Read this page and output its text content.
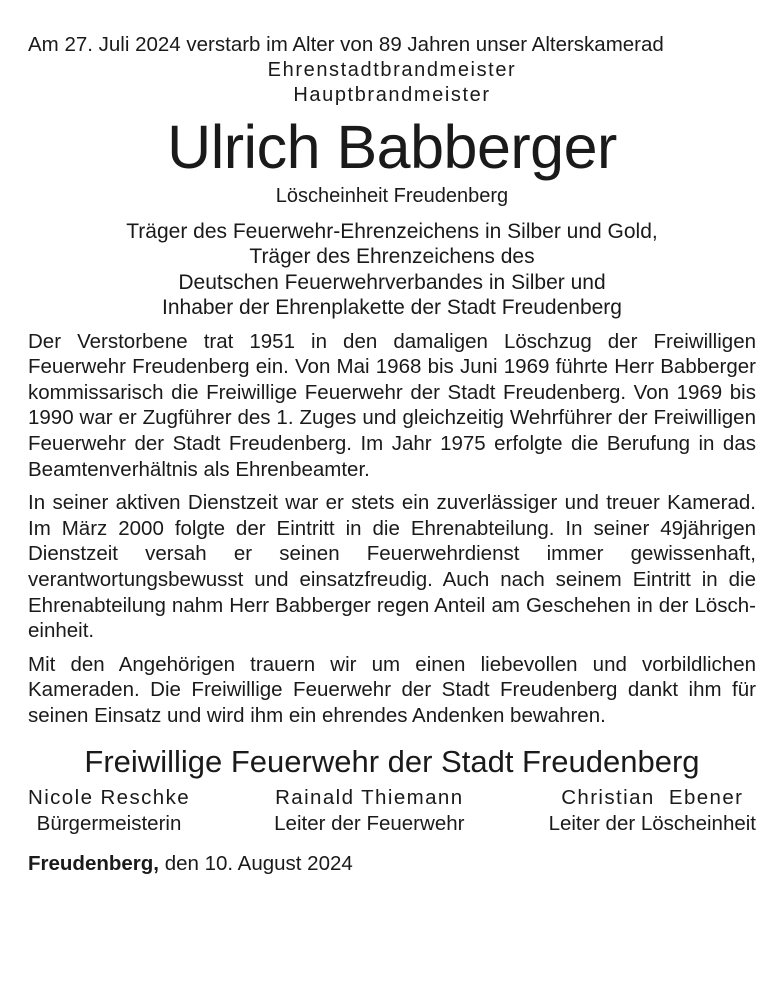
Am 27. Juli 2024 verstarb im Alter von 89 Jahren unser Alterskamerad

Ehrenstadtbrandmeister
Hauptbrandmeister
Ulrich Babberger
Löscheinheit Freudenberg
Träger des Feuerwehr-Ehrenzeichens in Silber und Gold,
Träger des Ehrenzeichens des
Deutschen Feuerwehrverbandes in Silber und
Inhaber der Ehrenplakette der Stadt Freudenberg

Der Verstorbene trat 1951 in den damaligen Löschzug der Freiwilligen Feuerwehr Freudenberg ein. Von Mai 1968 bis Juni 1969 führte Herr Babberger kommissarisch die Freiwillige Feuerwehr der Stadt Freudenberg. Von 1969 bis 1990 war er Zugführer des 1. Zuges und gleichzeitig Wehrführer der Freiwilligen Feuerwehr der Stadt Freudenberg. Im Jahr 1975 erfolgte die Berufung in das Beamtenverhältnis als Ehrenbeamter.

In seiner aktiven Dienstzeit war er stets ein zuverlässiger und treuer Kamerad. Im März 2000 folgte der Eintritt in die Ehrenabteilung. In seiner 49jährigen Dienstzeit versah er seinen Feuerwehrdienst immer gewissenhaft, verantwortungsbewusst und einsatzfreudig. Auch nach seinem Eintritt in die Ehrenabteilung nahm Herr Babberger regen Anteil am Geschehen in der Löscheinheit.

Mit den Angehörigen trauern wir um einen liebevollen und vorbildlichen Kameraden. Die Freiwillige Feuerwehr der Stadt Freudenberg dankt ihm für seinen Einsatz und wird ihm ein ehrendes Andenken bewahren.

Freiwillige Feuerwehr der Stadt Freudenberg
Nicole Reschke
Bürgermeisterin
Rainald Thiemann
Leiter der Feuerwehr
Christian  Ebener
Leiter der Löscheinheit
Freudenberg, den 10. August 2024
